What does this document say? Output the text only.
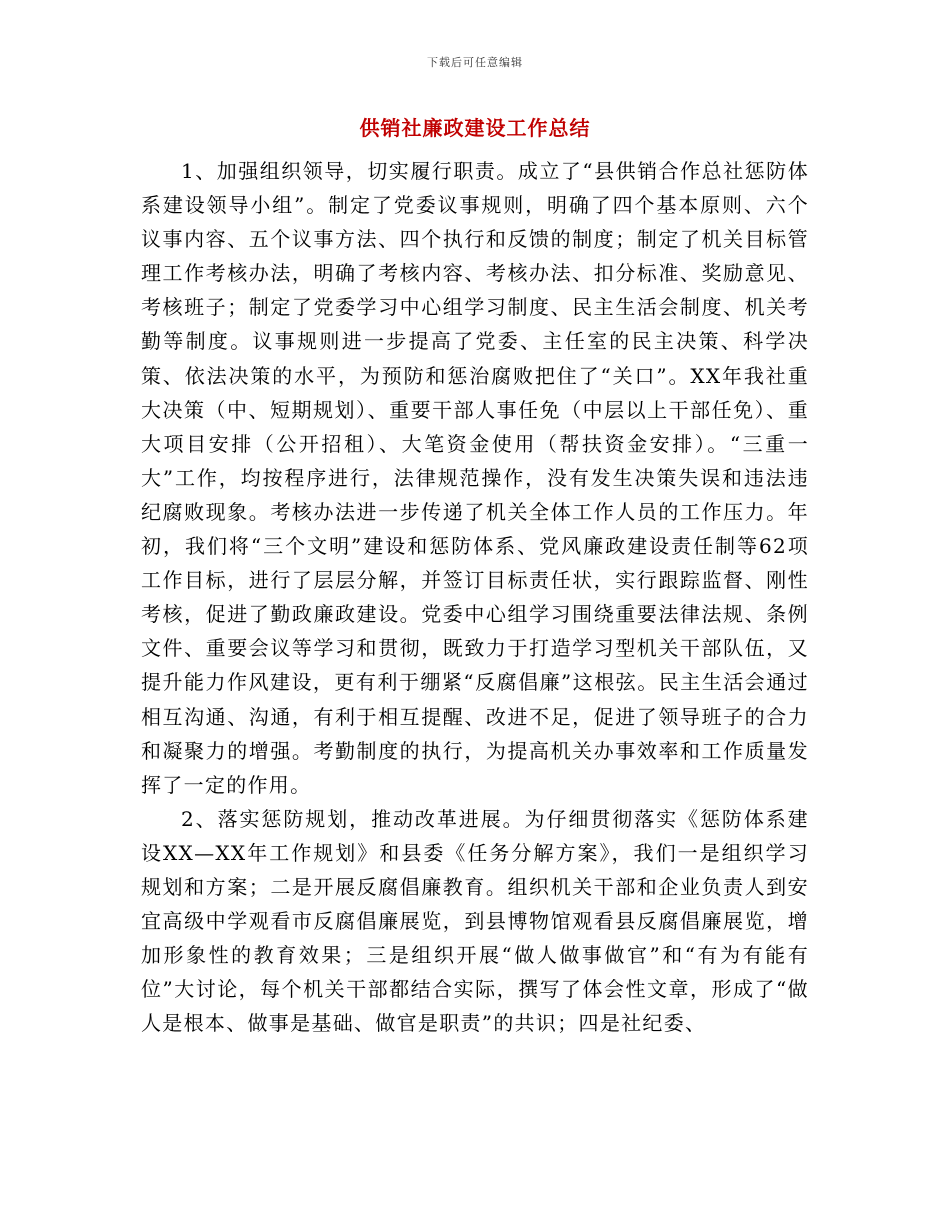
下载后可任意编辑
供销社廉政建设工作总结

1、加强组织领导，切实履行职责。成立了“县供销合作总社惩防体系建设领导小组”。制定了党委议事规则，明确了四个基本原则、六个议事内容、五个议事方法、四个执行和反馈的制度；制定了机关目标管理工作考核办法，明确了考核内容、考核办法、扣分标准、奖励意见、考核班子；制定了党委学习中心组学习制度、民主生活会制度、机关考勤等制度。议事规则进一步提高了党委、主任室的民主决策、科学决策、依法决策的水平，为预防和惩治腐败把住了“关口”。XX年我社重大决策（中、短期规划）、重要干部人事任免（中层以上干部任免）、重大项目安排（公开招租）、大笔资金使用（帮扶资金安排）。“三重一大”工作，均按程序进行，法律规范操作，没有发生决策失误和违法违纪腐败现象。考核办法进一步传递了机关全体工作人员的工作压力。年初，我们将“三个文明”建设和惩防体系、党风廉政建设责任制等62项工作目标，进行了层层分解，并签订目标责任状，实行跟踪监督、刚性考核，促进了勤政廉政建设。党委中心组学习围绕重要法律法规、条例文件、重要会议等学习和贯彻，既致力于打造学习型机关干部队伍，又提升能力作风建设，更有利于绷紧“反腐倡廉”这根弦。民主生活会通过相互沟通、沟通，有利于相互提醒、改进不足，促进了领导班子的合力和凝聚力的增强。考勤制度的执行，为提高机关办事效率和工作质量发挥了一定的作用。

2、落实惩防规划，推动改革进展。为仔细贯彻落实《惩防体系建设XX—XX年工作规划》和县委《任务分解方案》，我们一是组织学习规划和方案；二是开展反腐倡廉教育。组织机关干部和企业负责人到安宜高级中学观看市反腐倡廉展览，到县博物馆观看县反腐倡廉展览，增加形象性的教育效果；三是组织开展“做人做事做官”和“有为有能有位”大讨论，每个机关干部都结合实际，撰写了体会性文章，形成了“做人是根本、做事是基础、做官是职责”的共识；四是社纪委、
